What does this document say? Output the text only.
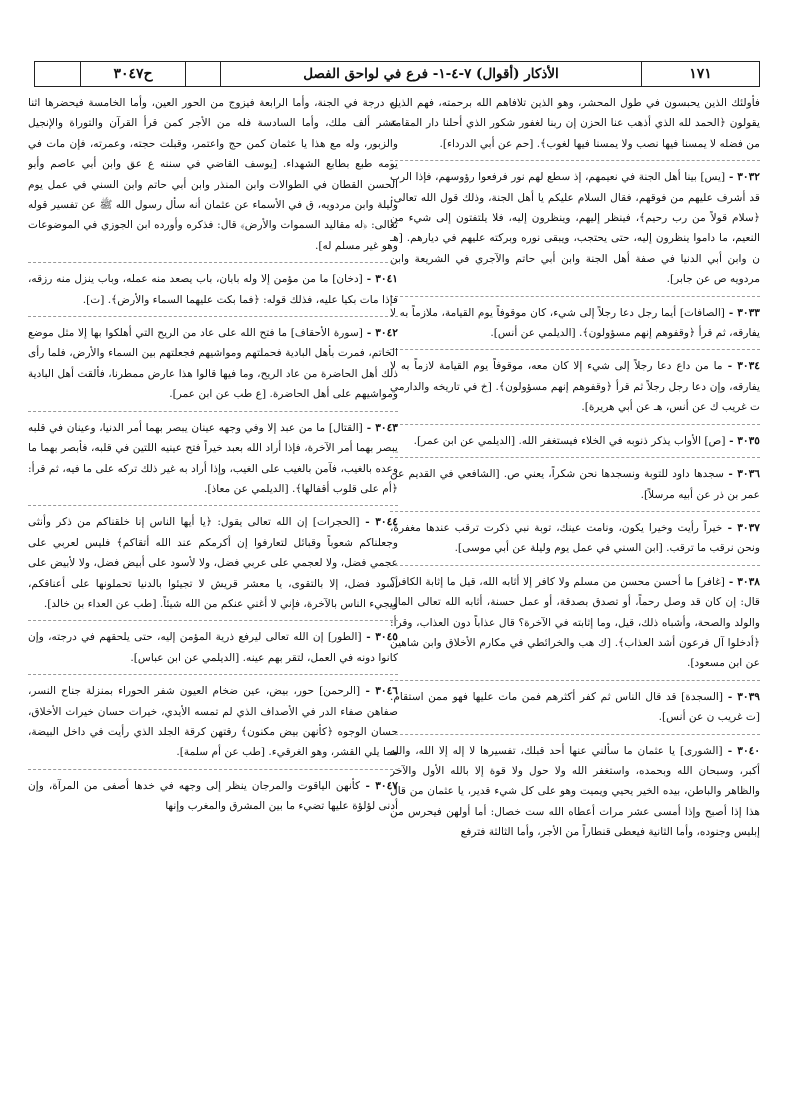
ح٣٠٤٧	الأذكار (أقوال) ٧-٤-١- فرع في لواحق الفصل	١٧١

فأولئك الذين يحبسون في طول المحشر، وهو الذين تلافاهم الله برحمته، فهم الذين يقولون ﴿الحمد لله الذي أذهب عنا الحزن إن ربنا لغفور شكور الذي أحلنا دار المقامة من فضله لا يمسنا فيها نصب ولا يمسنا فيها لغوب﴾. [حم عن أبي الدرداء].

٣٠٣٢ - [يس] بينا أهل الجنة في نعيمهم، إذ سطع لهم نور فرفعوا رؤوسهم، فإذا الرب قد أشرف عليهم من فوقهم، فقال السلام عليكم يا أهل الجنة، وذلك قول الله تعالى: ﴿سلام قولاً من رب رحيم﴾، فينظر إليهم، وينظرون إليه، فلا يلتفتون إلى شيء من النعيم، ما داموا ينظرون إليه، حتى يحتجب، ويبقى نوره وبركته عليهم في ديارهم. [هـ ن وابن أبي الدنيا في صفة أهل الجنة وابن أبي حاتم والآجري في الشريعة وابن مردويه ص عن جابر].

٣٠٣٣ - [الصافات] أيما رجل دعا رجلاً إلى شيء، كان موقوفاً يوم القيامة، ملازماً به لا يفارقه، ثم قرأ ﴿وقفوهم إنهم مسؤولون﴾. [الديلمي عن أنس].

٣٠٣٤ - ما من داع دعا رجلاً إلى شيء إلا كان معه، موقوفاً يوم القيامة لازماً به لا يفارقه، وإن دعا رجل رجلاً ثم قرأ ﴿وقفوهم إنهم مسؤولون﴾. [خ في تاريخه والدارمي ت غريب ك عن أنس، هـ عن أبي هريرة].

٣٠٣٥ - [ص] الأواب يذكر ذنوبه في الخلاء فيستغفر الله. [الديلمي عن ابن عمر].

٣٠٣٦ - سجدها داود للتوبة ونسجدها نحن شكراً، يعني ص. [الشافعي في القديم عن عمر بن ذر عن أبيه مرسلاً].

٣٠٣٧ - خيراً رأيت وخيرا يكون، ونامت عينك، توبة نبي ذكرت ترقب عندها مغفرة، ونحن نرقب ما ترقب. [ابن السني في عمل يوم وليلة عن أبي موسى].

٣٠٣٨ - [غافر] ما أحسن محسن من مسلم ولا كافر إلا أثابه الله، قيل ما إثابة الكافر؟ قال: إن كان قد وصل رحماً، أو تصدق بصدقة، أو عمل حسنة، أثابه الله تعالى المال والولد والصحة، وأشباه ذلك، قيل، وما إثابته في الآخرة؟ قال عذاباً دون العذاب، وقرأ: ﴿أدخلوا آل فرعون أشد العذاب﴾. [ك هب والخرائطي في مكارم الأخلاق وابن شاهين عن ابن مسعود].

٣٠٣٩ - [السجدة] قد قال الناس ثم كفر أكثرهم فمن مات عليها فهو ممن استقام. [ت غريب ن عن أنس].

٣٠٤٠ - [الشورى] يا عثمان ما سألني عنها أحد قبلك، تفسيرها لا إله إلا الله، والله أكبر، وسبحان الله وبحمده، واستغفر الله ولا حول ولا قوة إلا بالله الأول والآخر والظاهر والباطن، بيده الخير يحيي ويميت وهو على كل شيء قدير، يا عثمان من قال هذا إذا أصبح وإذا أمسى عشر مرات أعطاه الله ست خصال: أما أولهن فيحرس من إبليس وجنوده، وأما الثانية فيعطى قنطاراً من الأجر، وأما الثالثة فترفع

له درجة في الجنة، وأما الرابعة فيزوج من الحور العين، وأما الخامسة فيحضرها اثنا عشر ألف ملك، وأما السادسة فله من الأجر كمن قرأ القرآن والتوراة والإنجيل والزبور، وله مع هذا يا عثمان كمن حج واعتمر، وقبلت حجته، وعمرته، فإن مات في يومه طبع بطابع الشهداء. [يوسف القاضي في سننه ع عق وابن أبي عاصم وأبو الحسن القطان في الطوالات وابن المنذر وابن أبي حاتم وابن السني في عمل يوم وليلة وابن مردويه، ق في الأسماء عن عثمان أنه سأل رسول الله ﷺ عن تفسير قوله تعالى: ﴿له مقاليد السموات والأرض﴾ قال: فذكره وأورده ابن الجوزي في الموضوعات وهو غير مسلم له].

٣٠٤١ - [دخان] ما من مؤمن إلا وله بابان، باب يصعد منه عمله، وباب ينزل منه رزقه، فإذا مات بكيا عليه، فذلك قوله: ﴿فما بكت عليهما السماء والأرض﴾. [ت].

٣٠٤٢ - [سورة الأحقاف] ما فتح الله على عاد من الريح التي أهلكوا بها إلا مثل موضع الخاتم، فمرت بأهل البادية فحملتهم ومواشيهم فجعلتهم بين السماء والأرض، فلما رأى ذلك أهل الحاضرة من عاد الريح، وما فيها قالوا هذا عارض ممطرنا، فألقت أهل البادية ومواشيهم على أهل الحاضرة. [ع طب عن ابن عمر].

٣٠٤٣ - [القتال] ما من عبد إلا وفي وجهه عينان يبصر بهما أمر الدنيا، وعينان في قلبه يبصر بهما أمر الآخرة، فإذا أراد الله بعبد خيراً فتح عينيه اللتين في قلبه، فأبصر بهما ما وعده بالغيب، فآمن بالغيب على الغيب، وإذا أراد به غير ذلك تركه على ما فيه، ثم قرأ: ﴿أم على قلوب أقفالها﴾. [الديلمي عن معاذ].

٣٠٤٤ - [الحجرات] إن الله تعالى يقول: ﴿يا أيها الناس إنا خلقناكم من ذكر وأنثى وجعلناكم شعوباً وقبائل لتعارفوا إن أكرمكم عند الله أتقاكم﴾ فليس لعربي على عجمي فضل، ولا لعجمي على عربي فضل، ولا لأسود على أبيض فضل، ولا لأبيض على أسود فضل، إلا بالتقوى، يا معشر قريش لا تجيئوا بالدنيا تحملونها على أعناقكم، ويجيء الناس بالآخرة، فإني لا أغني عنكم من الله شيئاً. [طب عن العداء بن خالد].

٣٠٤٥ - [الطور] إن الله تعالى ليرفع ذرية المؤمن إليه، حتى يلحقهم في درجته، وإن كانوا دونه في العمل، لتقر بهم عينه. [الديلمي عن ابن عباس].

٣٠٤٦ - [الرحمن] حور، بيض، عين ضخام العيون شفر الحوراء بمنزلة جناح النسر، صفاهن صفاء الدر في الأصداف الذي لم تمسه الأيدي، خيرات حسان خيرات الأخلاق، حسان الوجوه ﴿كأنهن بيض مكنون﴾ رقتهن كرقة الجلد الذي رأيت في داخل البيضة، مما يلي القشر، وهو الغرقيء. [طب عن أم سلمة].

٣٠٤٧ - كأنهن الياقوت والمرجان ينظر إلى وجهه في خدها أصفى من المرآة، وإن أدنى لؤلؤة عليها تضيء ما بين المشرق والمغرب وإنها
